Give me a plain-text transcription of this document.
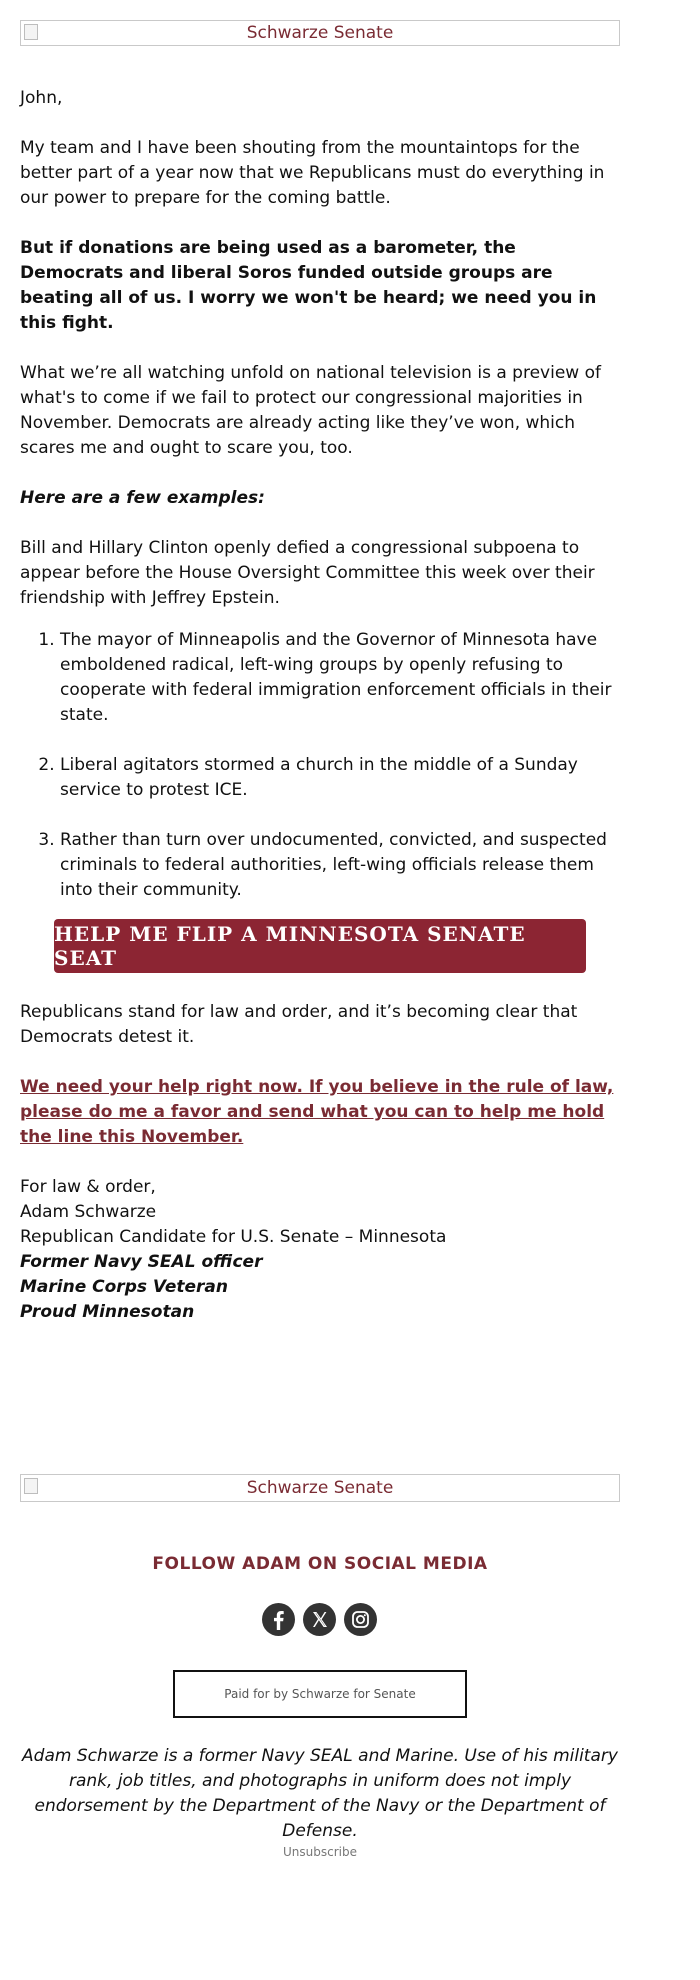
Schwarze Senate

John,

My team and I have been shouting from the mountaintops for the better part of a year now that we Republicans must do everything in our power to prepare for the coming battle.

But if donations are being used as a barometer, the Democrats and liberal Soros funded outside groups are beating all of us. I worry we won't be heard; we need you in this fight.

What we’re all watching unfold on national television is a preview of what's to come if we fail to protect our congressional majorities in November. Democrats are already acting like they’ve won, which scares me and ought to scare you, too.

Here are a few examples:

Bill and Hillary Clinton openly defied a congressional subpoena to appear before the House Oversight Committee this week over their friendship with Jeffrey Epstein.

1. The mayor of Minneapolis and the Governor of Minnesota have emboldened radical, left-wing groups by openly refusing to cooperate with federal immigration enforcement officials in their state.
2. Liberal agitators stormed a church in the middle of a Sunday service to protest ICE.
3. Rather than turn over undocumented, convicted, and suspected criminals to federal authorities, left-wing officials release them into their community.
HELP ME FLIP A MINNESOTA SENATE SEAT

Republicans stand for law and order, and it’s becoming clear that Democrats detest it.

We need your help right now. If you believe in the rule of law, please do me a favor and send what you can to help me hold the line this November.

For law & order,
Adam Schwarze
Republican Candidate for U.S. Senate – Minnesota
Former Navy SEAL officer
Marine Corps Veteran
Proud Minnesotan
Schwarze Senate
FOLLOW ADAM ON SOCIAL MEDIA
Paid for by Schwarze for Senate
Adam Schwarze is a former Navy SEAL and Marine. Use of his military rank, job titles, and photographs in uniform does not imply endorsement by the Department of the Navy or the Department of Defense.
Unsubscribe
